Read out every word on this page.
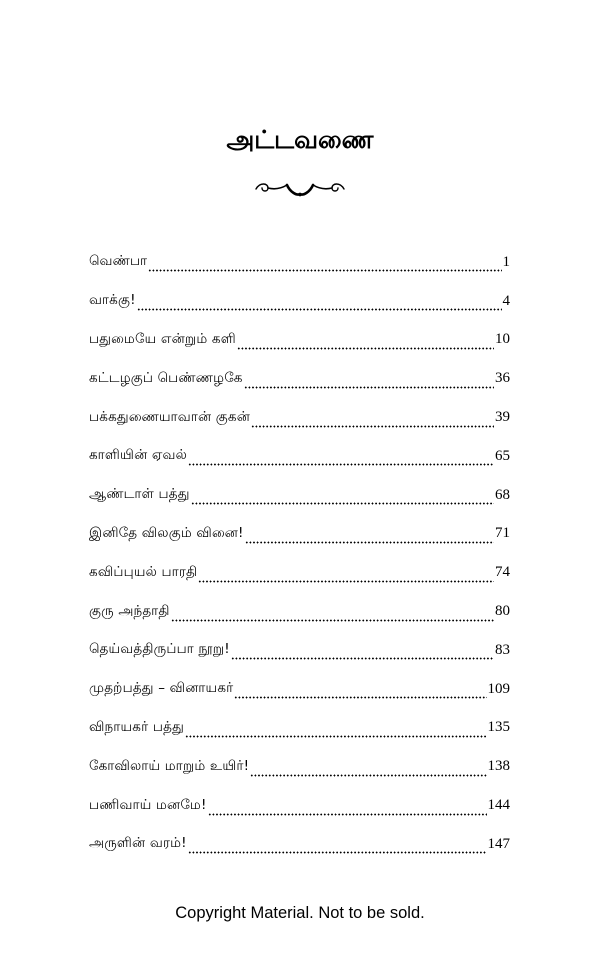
அட்டவணை
வெண்பா	1
வாக்கு!	4
பதுமையே என்றும் களி	10
கட்டழகுப் பெண்ணழகே	36
பக்கதுணையாவான் குகன்	39
காளியின் ஏவல்	65
ஆண்டாள் பத்து	68
இனிதே விலகும் வினை!	71
கவிப்புயல் பாரதி	74
குரு அந்தாதி	80
தெய்வத்திருப்பா நூறு!	83
முதற்பத்து – வினாயகர்	109
விநாயகர் பத்து	135
கோவிலாய் மாறும் உயிர்!	138
பணிவாய் மனமே!	144
அருளின் வரம்!	147

Copyright Material. Not to be sold.
